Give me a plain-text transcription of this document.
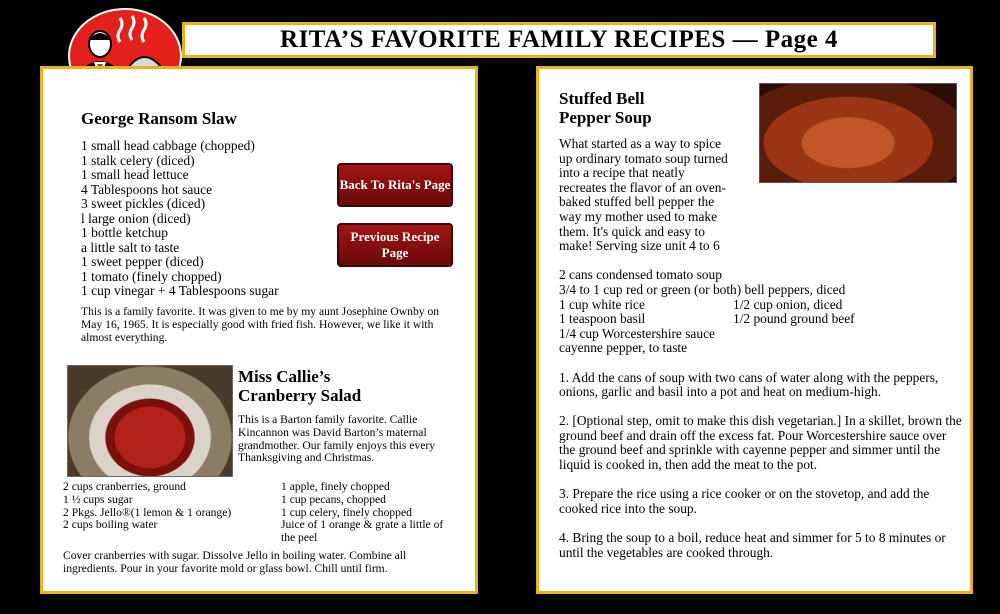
RITA’S FAVORITE FAMILY RECIPES — Page 4
George Ransom Slaw
1 small head cabbage (chopped)
1 stalk celery (diced)
1 small head lettuce
4 Tablespoons hot sauce
3 sweet pickles (diced)
l large onion (diced)
1 bottle ketchup
a little salt to taste
1 sweet pepper (diced)
1 tomato (finely chopped)
1 cup vinegar + 4 Tablespoons sugar
Back To Rita's Page
Previous Recipe Page
This is a family favorite. It was given to me by my aunt Josephine Ownby on May 16, 1965. It is especially good with fried fish. However, we like it with almost everything.
Miss Callie’s Cranberry Salad
This is a Barton family favorite. Callie Kincannon was David Barton’s maternal grandmother. Our family enjoys this every Thanksgiving and Christmas.
2 cups cranberries, ground
1 ½ cups sugar
2 Pkgs. Jello®(1 lemon & 1 orange)
2 cups boiling water
1 apple, finely chopped
1 cup pecans, chopped
1 cup celery, finely chopped
Juice of 1 orange & grate a little of the peel
Cover cranberries with sugar. Dissolve Jello in boiling water. Combine all ingredients. Pour in your favorite mold or glass bowl. Chill until firm.
Stuffed Bell
Pepper Soup

What started as a way to spice up ordinary tomato soup turned into a recipe that neatly recreates the flavor of an oven-baked stuffed bell pepper the way my mother used to make them. It's quick and easy to make! Serving size unit 4 to 6

2 cans condensed tomato soup
3/4 to 1 cup red or green (or both) bell peppers, diced
1 cup white rice	1/2 cup onion, diced
1 teaspoon basil	1/2 pound ground beef
1/4 cup Worcestershire sauce
cayenne pepper, to taste

1. Add the cans of soup with two cans of water along with the peppers, onions, garlic and basil into a pot and heat on medium-high.

2. [Optional step, omit to make this dish vegetarian.] In a skillet, brown the ground beef and drain off the excess fat. Pour Worcestershire sauce over the ground beef and sprinkle with cayenne pepper and simmer until the liquid is cooked in, then add the meat to the pot.

3. Prepare the rice using a rice cooker or on the stovetop, and add the cooked rice into the soup.

4. Bring the soup to a boil, reduce heat and simmer for 5 to 8 minutes or until the vegetables are cooked through.
